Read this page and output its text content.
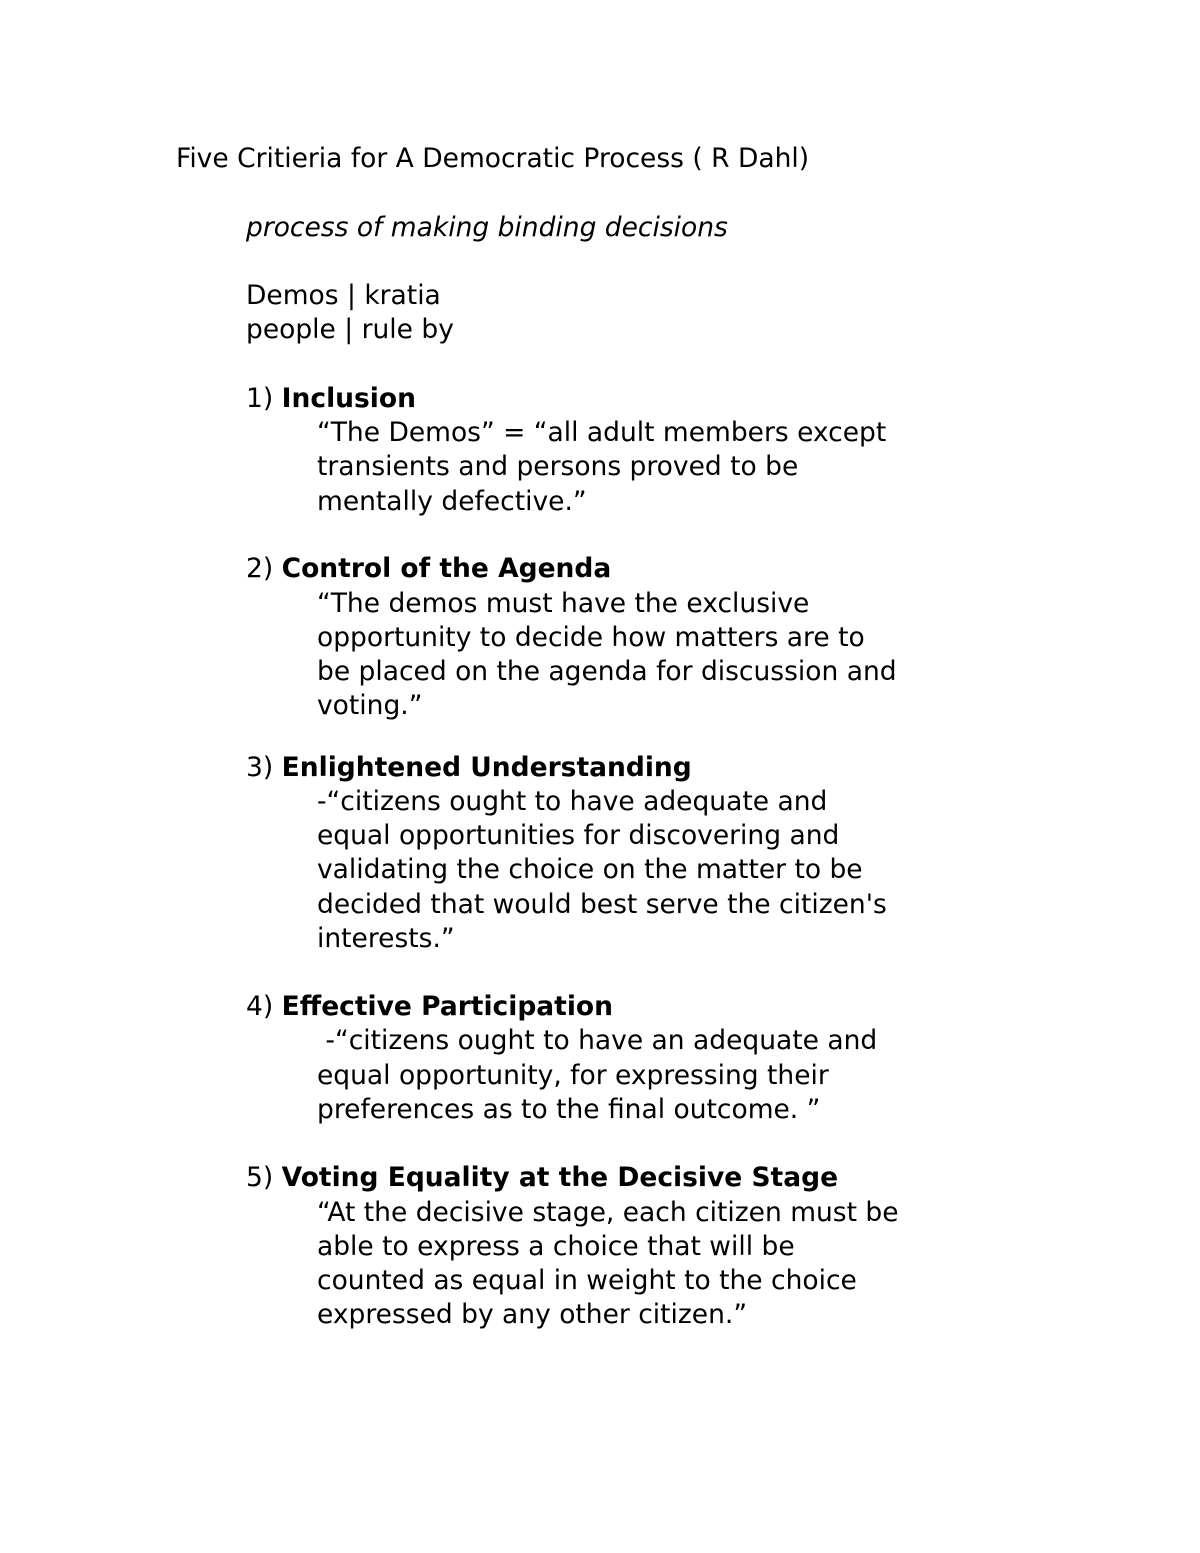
Five Critieria for A Democratic Process ( R Dahl)

process of making binding decisions

Demos | kratia

people | rule by

1) Inclusion

“The Demos” = “all adult members except

transients and persons proved to be

mentally defective.”

2) Control of the Agenda

“The demos must have the exclusive

opportunity to decide how matters are to

be placed on the agenda for discussion and

voting.”

3) Enlightened Understanding

-“citizens ought to have adequate and

equal opportunities for discovering and

validating the choice on the matter to be

decided that would best serve the citizen's

interests.”

4) Effective Participation

-“citizens ought to have an adequate and

equal opportunity, for expressing their

preferences as to the final outcome. ”

5) Voting Equality at the Decisive Stage

“At the decisive stage, each citizen must be

able to express a choice that will be

counted as equal in weight to the choice

expressed by any other citizen.”
